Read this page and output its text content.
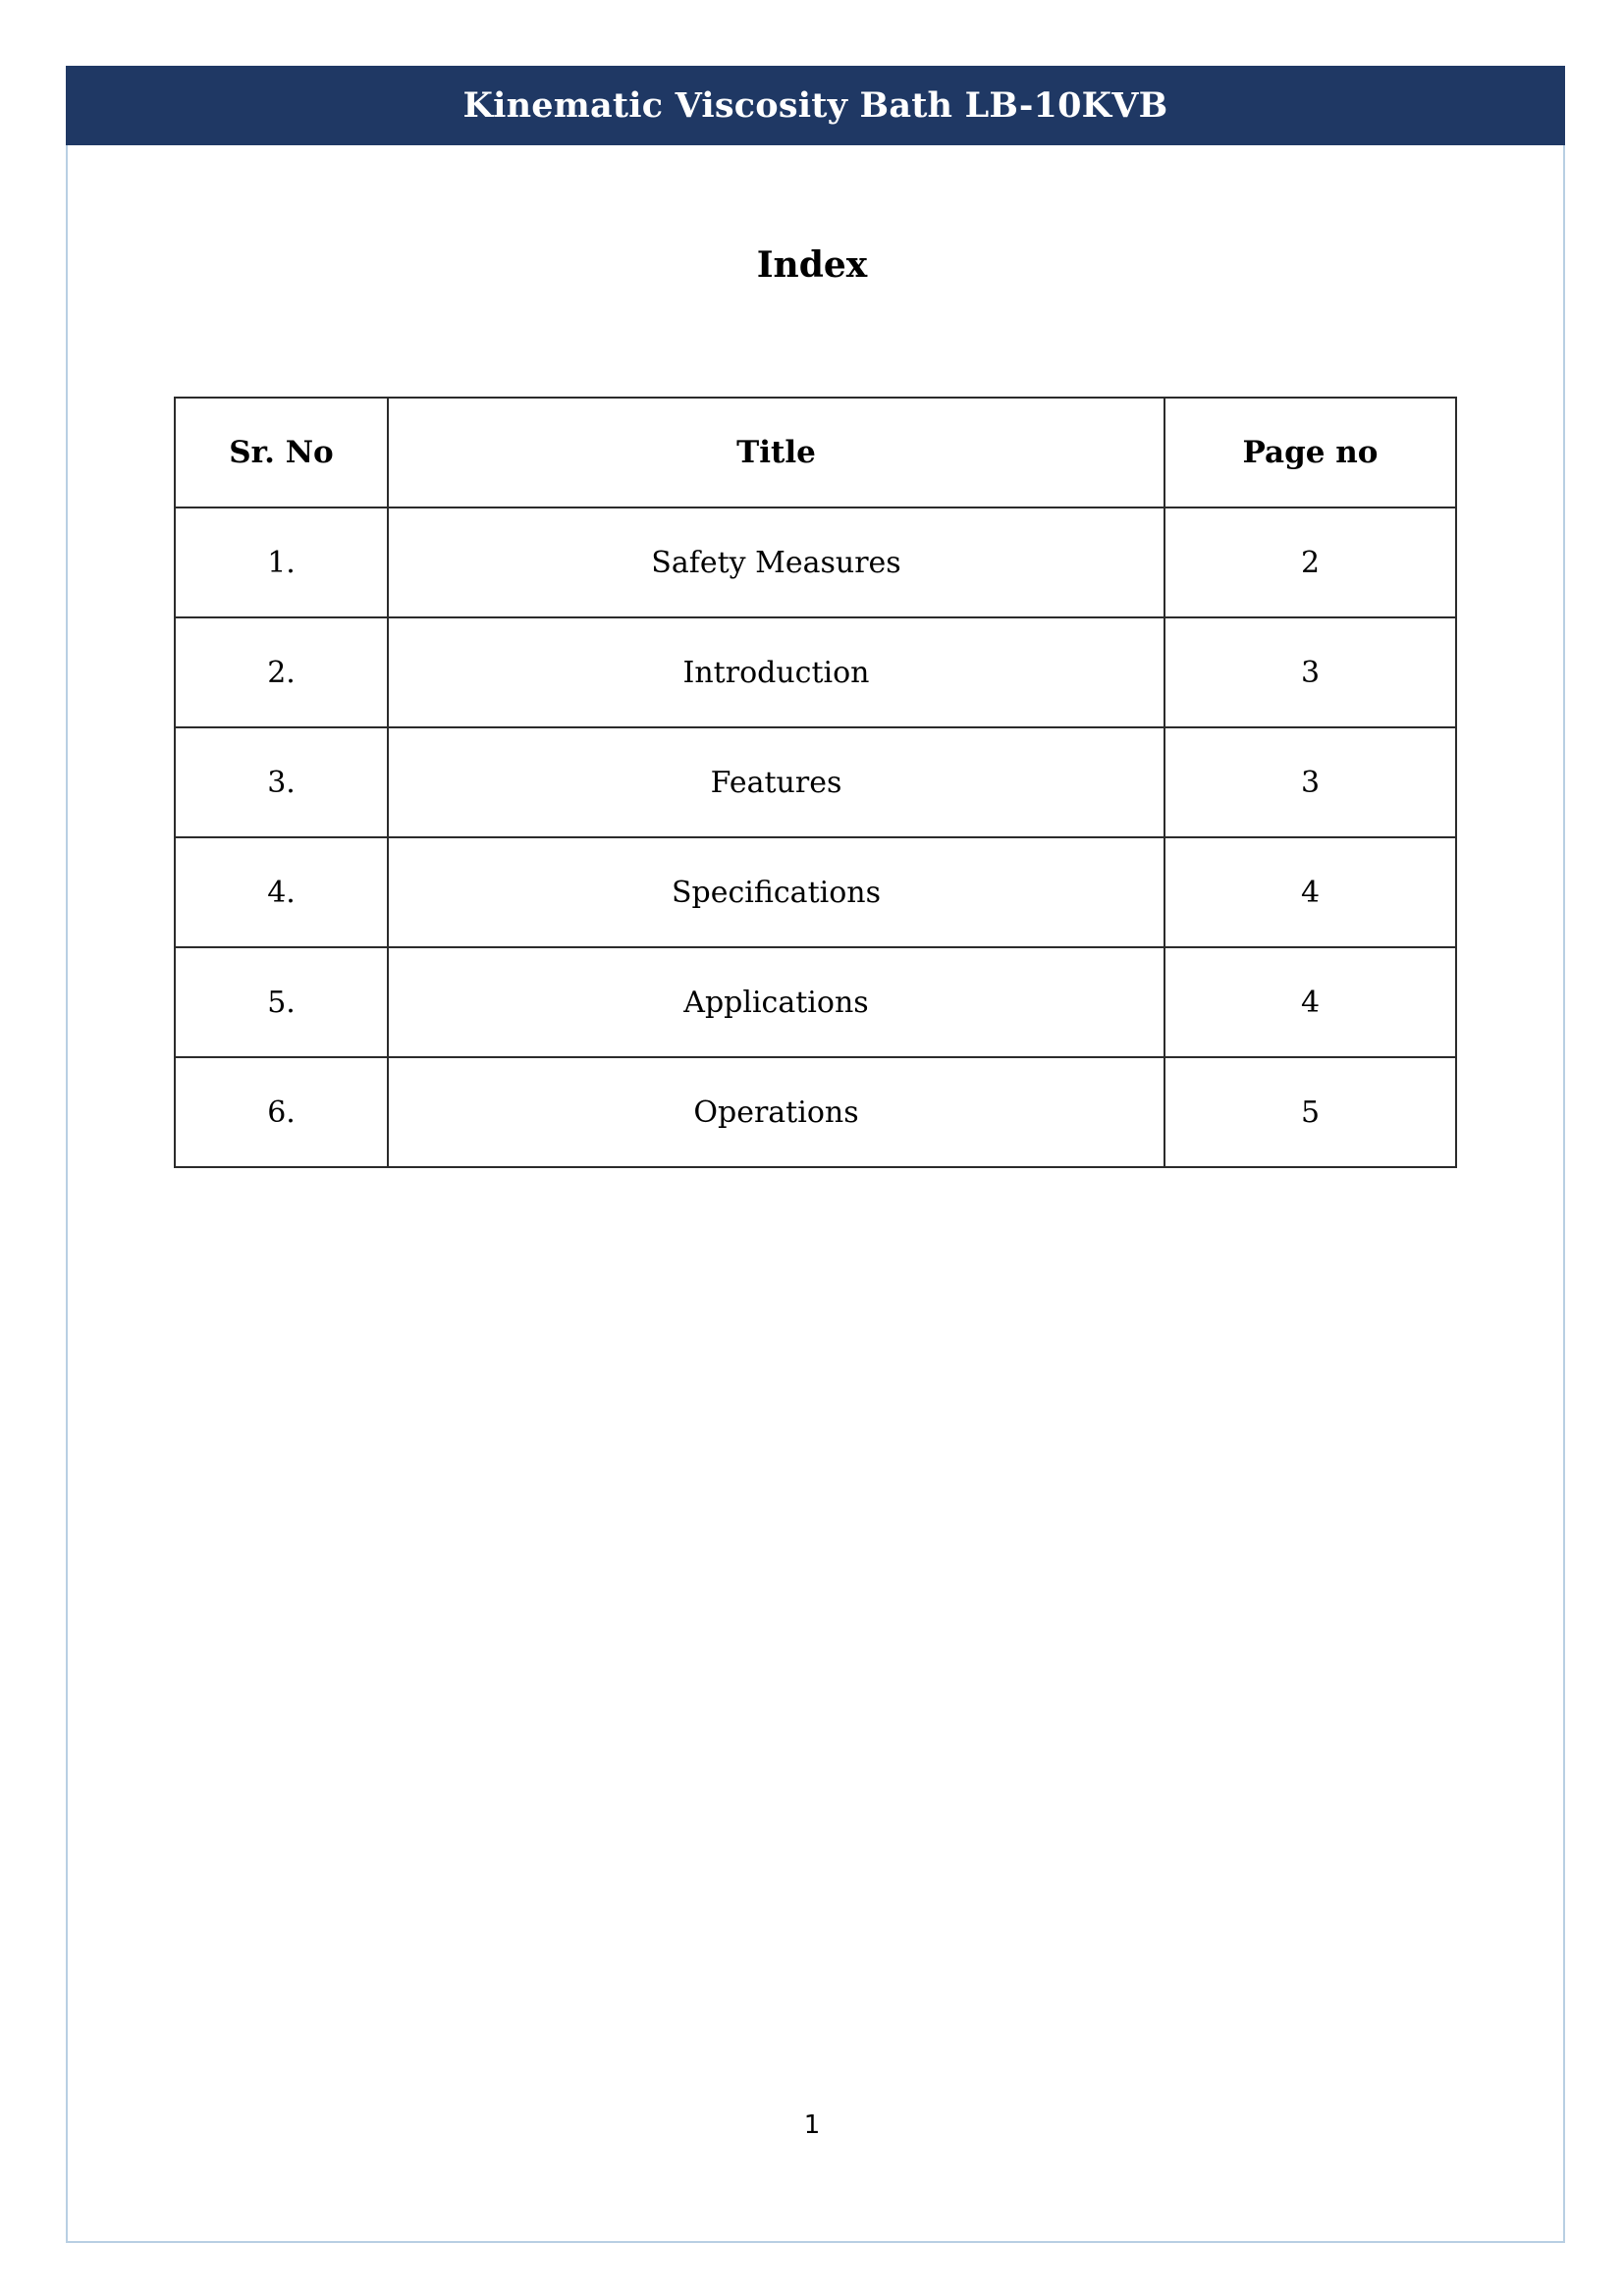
Kinematic Viscosity Bath LB-10KVB
Index
Sr. No	Title	Page no
1.	Safety Measures	2
2.	Introduction	3
3.	Features	3
4.	Specifications	4
5.	Applications	4
6.	Operations	5
1
